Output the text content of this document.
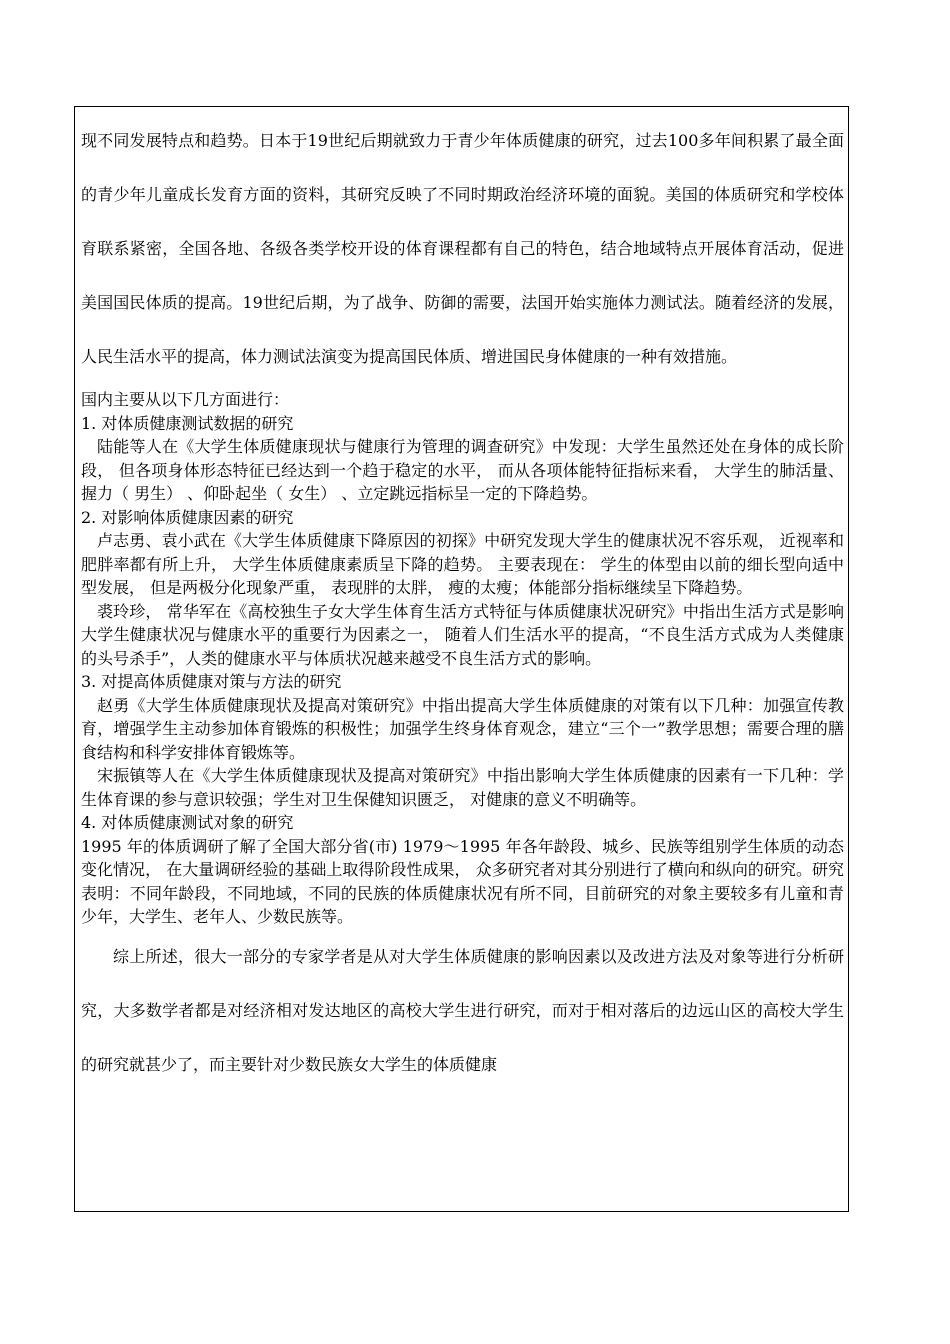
现不同发展特点和趋势。日本于19世纪后期就致力于青少年体质健康的研究，过去100多年间积累了最全面的青少年儿童成长发育方面的资料，其研究反映了不同时期政治经济环境的面貌。美国的体质研究和学校体育联系紧密，全国各地、各级各类学校开设的体育课程都有自己的特色，结合地域特点开展体育活动，促进美国国民体质的提高。19世纪后期，为了战争、防御的需要，法国开始实施体力测试法。随着经济的发展，人民生活水平的提高，体力测试法演变为提高国民体质、增进国民身体健康的一种有效措施。

国内主要从以下几方面进行：

1. 对体质健康测试数据的研究

陆能等人在《大学生体质健康现状与健康行为管理的调查研究》中发现：大学生虽然还处在身体的成长阶段， 但各项身体形态特征已经达到一个趋于稳定的水平， 而从各项体能特征指标来看， 大学生的肺活量、握力（ 男生） 、仰卧起坐（ 女生） 、立定跳远指标呈一定的下降趋势。

2. 对影响体质健康因素的研究

卢志勇、袁小武在《大学生体质健康下降原因的初探》中研究发现大学生的健康状况不容乐观， 近视率和肥胖率都有所上升， 大学生体质健康素质呈下降的趋势。 主要表现在： 学生的体型由以前的细长型向适中型发展， 但是两极分化现象严重， 表现胖的太胖， 瘦的太瘦；体能部分指标继续呈下降趋势。

裘玲珍， 常华军在《高校独生子女大学生体育生活方式特征与体质健康状况研究》中指出生活方式是影响大学生健康状况与健康水平的重要行为因素之一， 随着人们生活水平的提高，“不良生活方式成为人类健康的头号杀手”，人类的健康水平与体质状况越来越受不良生活方式的影响。

3. 对提高体质健康对策与方法的研究

赵勇《大学生体质健康现状及提高对策研究》中指出提高大学生体质健康的对策有以下几种：加强宣传教育，增强学生主动参加体育锻炼的积极性；加强学生终身体育观念，建立“三个一”教学思想；需要合理的膳食结构和科学安排体育锻炼等。

宋振镇等人在《大学生体质健康现状及提高对策研究》中指出影响大学生体质健康的因素有一下几种：学生体育课的参与意识较强；学生对卫生保健知识匮乏， 对健康的意义不明确等。

4. 对体质健康测试对象的研究

1995 年的体质调研了解了全国大部分省(市) 1979～1995 年各年龄段、城乡、民族等组别学生体质的动态变化情况， 在大量调研经验的基础上取得阶段性成果， 众多研究者对其分别进行了横向和纵向的研究。研究表明：不同年龄段，不同地域，不同的民族的体质健康状况有所不同，目前研究的对象主要较多有儿童和青少年，大学生、老年人、少数民族等。

综上所述，很大一部分的专家学者是从对大学生体质健康的影响因素以及改进方法及对象等进行分析研究，大多数学者都是对经济相对发达地区的高校大学生进行研究，而对于相对落后的边远山区的高校大学生的研究就甚少了，而主要针对少数民族女大学生的体质健康
